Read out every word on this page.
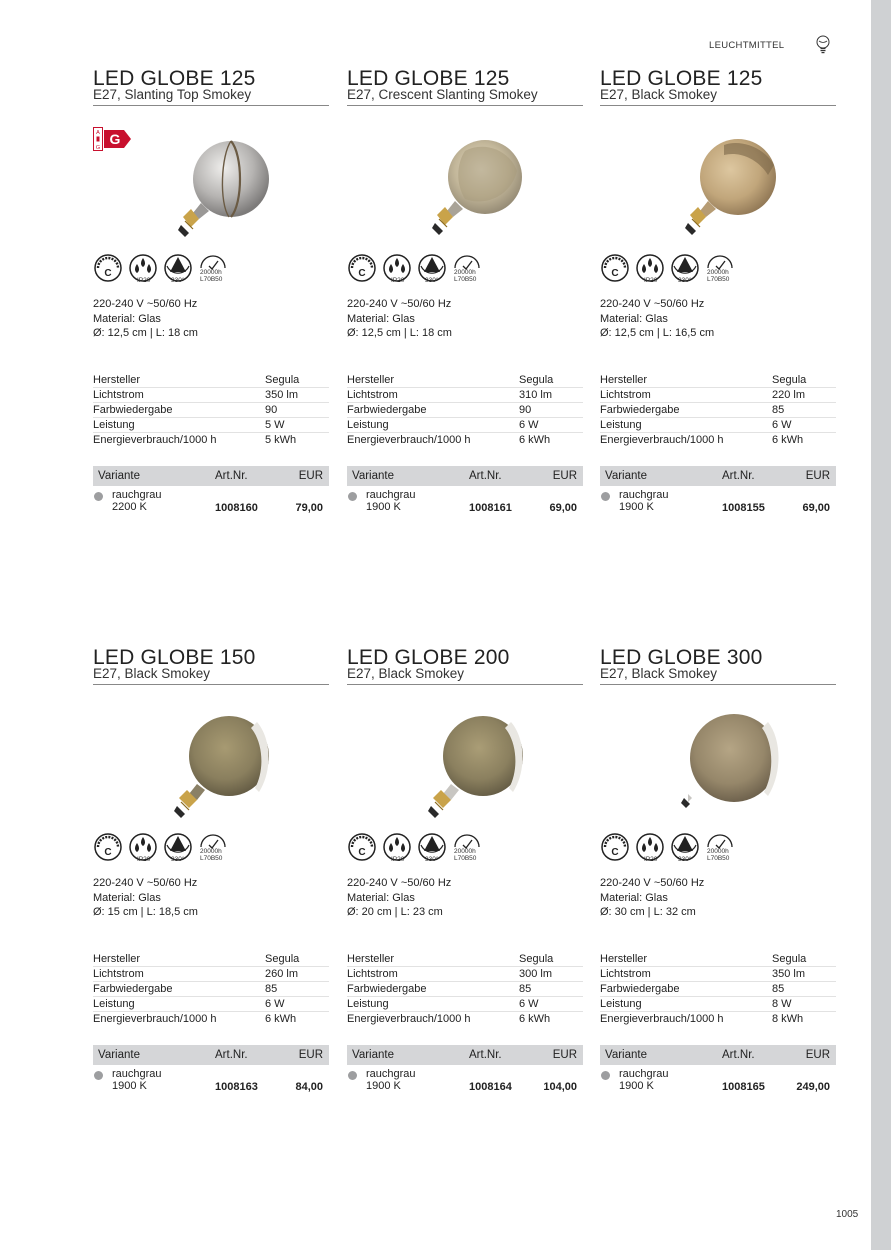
LEUCHTMITTEL
LED GLOBE 125
E27, Slanting Top Smokey
A
G
G
C
IP20	330°
20000h
L70B50
220-240 V ~50/60 Hz
Material: Glas
Ø: 12,5 cm | L: 18 cm
Hersteller	Segula
Lichtstrom	350 lm
Farbwiedergabe	90
Leistung	5 W
Energieverbrauch/1000 h	5 kWh
Variante	Art.Nr.	EUR
rauchgrau
2200 K	1008160	79,00
LED GLOBE 125
E27, Crescent Slanting Smokey
C
IP20	330°
20000h
L70B50
220-240 V ~50/60 Hz
Material: Glas
Ø: 12,5 cm | L: 18 cm
Hersteller	Segula
Lichtstrom	310 lm
Farbwiedergabe	90
Leistung	6 W
Energieverbrauch/1000 h	6 kWh
Variante	Art.Nr.	EUR
rauchgrau
1900 K	1008161	69,00
LED GLOBE 125
E27, Black Smokey
C
IP20	330°
20000h
L70B50
220-240 V ~50/60 Hz
Material: Glas
Ø: 12,5 cm | L: 16,5 cm
Hersteller	Segula
Lichtstrom	220 lm
Farbwiedergabe	85
Leistung	6 W
Energieverbrauch/1000 h	6 kWh
Variante	Art.Nr.	EUR
rauchgrau
1900 K	1008155	69,00
LED GLOBE 150
E27, Black Smokey
C
IP20	330°
20000h
L70B50
220-240 V ~50/60 Hz
Material: Glas
Ø: 15 cm | L: 18,5 cm
Hersteller	Segula
Lichtstrom	260 lm
Farbwiedergabe	85
Leistung	6 W
Energieverbrauch/1000 h	6 kWh
Variante	Art.Nr.	EUR
rauchgrau
1900 K	1008163	84,00
LED GLOBE 200
E27, Black Smokey
C
IP20	330°
20000h
L70B50
220-240 V ~50/60 Hz
Material: Glas
Ø: 20 cm | L: 23 cm
Hersteller	Segula
Lichtstrom	300 lm
Farbwiedergabe	85
Leistung	6 W
Energieverbrauch/1000 h	6 kWh
Variante	Art.Nr.	EUR
rauchgrau
1900 K	1008164	104,00
LED GLOBE 300
E27, Black Smokey
C
IP20	330°
20000h
L70B50
220-240 V ~50/60 Hz
Material: Glas
Ø: 30 cm | L: 32 cm
Hersteller	Segula
Lichtstrom	350 lm
Farbwiedergabe	85
Leistung	8 W
Energieverbrauch/1000 h	8 kWh
Variante	Art.Nr.	EUR
rauchgrau
1900 K	1008165	249,00
1005
